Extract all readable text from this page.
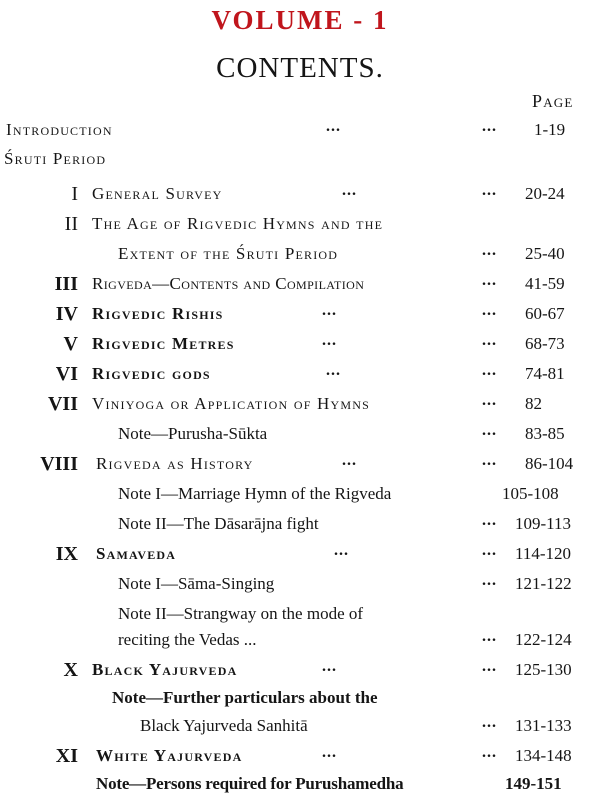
VOLUME - 1
CONTENTS.
Page
Introduction	...	... 1-19
Śruti Period
I General Survey	...	... 20-24
II The Age of Rigvedic Hymns and the
Extent of the Śruti Period	... 25-40
III Rigveda—Contents and Compilation	... 41-59
IV Rigvedic Rishis	...	... 60-67
V Rigvedic Metres	...	... 68-73
VI Rigvedic gods	...	... 74-81
VII Viniyoga or Application of Hymns	... 82
Note—Purusha-Sūkta	... 83-85
VIII Rigveda as History	...	... 86-104
Note I—Marriage Hymn of the Rigveda	105-108
Note II—The Dāsarājna fight	... 109-113
IX Samaveda	...	... 114-120
Note I—Sāma-Singing	... 121-122
Note II—Strangway on the mode of
reciting the Vedas ...	... 122-124
X Black Yajurveda	...	... 125-130
Note—Further particulars about the
Black Yajurveda Sanhitā	... 131-133
XI White Yajurveda	...	... 134-148
Note—Persons required for Purushamedha	149-151
